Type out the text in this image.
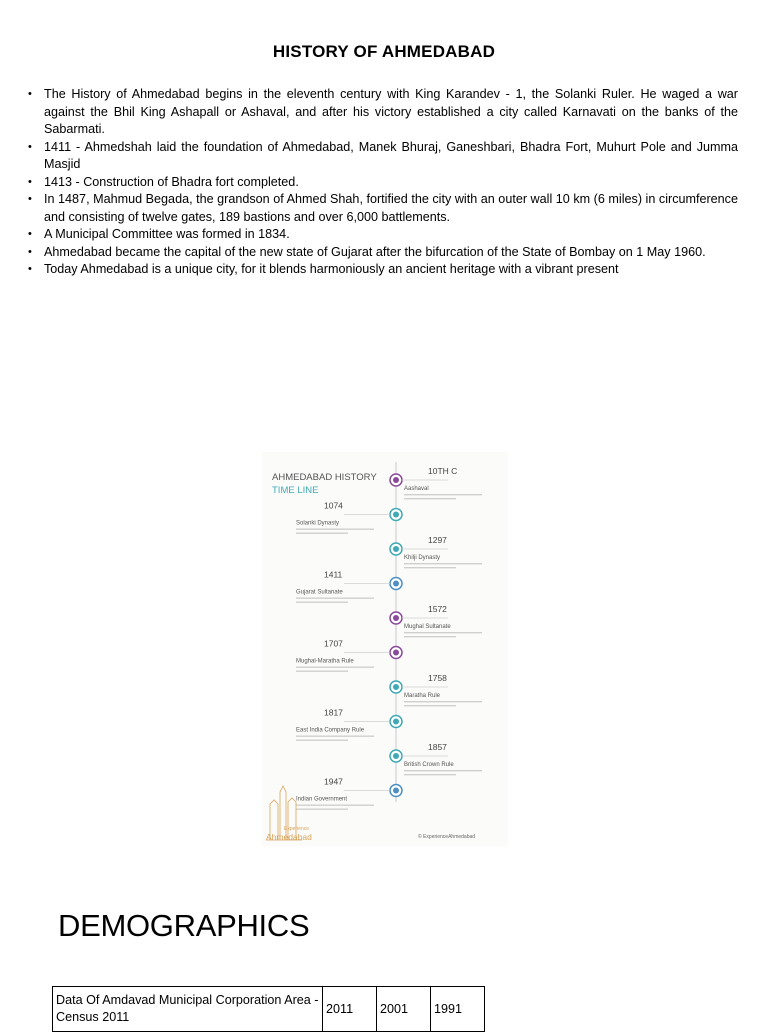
HISTORY OF AHMEDABAD
• The History of Ahmedabad begins in the eleventh century with King Karandev - 1, the Solanki Ruler. He waged a war against the Bhil King Ashapall or Ashaval, and after his victory established a city called Karnavati on the banks of the Sabarmati.
• 1411 - Ahmedshah laid the foundation of Ahmedabad, Manek Bhuraj, Ganeshbari, Bhadra Fort, Muhurt Pole and Jumma Masjid
• 1413 - Construction of Bhadra fort completed.
• In 1487, Mahmud Begada, the grandson of Ahmed Shah, fortified the city with an outer wall 10 km (6 miles) in circumference and consisting of twelve gates, 189 bastions and over 6,000 battlements.
• A Municipal Committee was formed in 1834.
• Ahmedabad became the capital of the new state of Gujarat after the bifurcation of the State of Bombay on 1 May 1960.
• Today Ahmedabad is a unique city, for it blends harmoniously an ancient heritage with a vibrant present
AHMEDABAD HISTORY
TIME LINE
10TH C
Aashaval
1074
Solanki Dynasty
1297
Khilji Dynasty
1411
Gujarat Sultanate
1572
Mughal Sultanate
1707
Mughal-Maratha Rule
1758
Maratha Rule
1817
East India Company Rule
1857
British Crown Rule
1947
Indian Government
Experience
Ahmedabad	© ExperienceAhmedabad
DEMOGRAPHICS
Data Of Amdavad Municipal Corporation Area - Census 2011	2011	2001	1991
